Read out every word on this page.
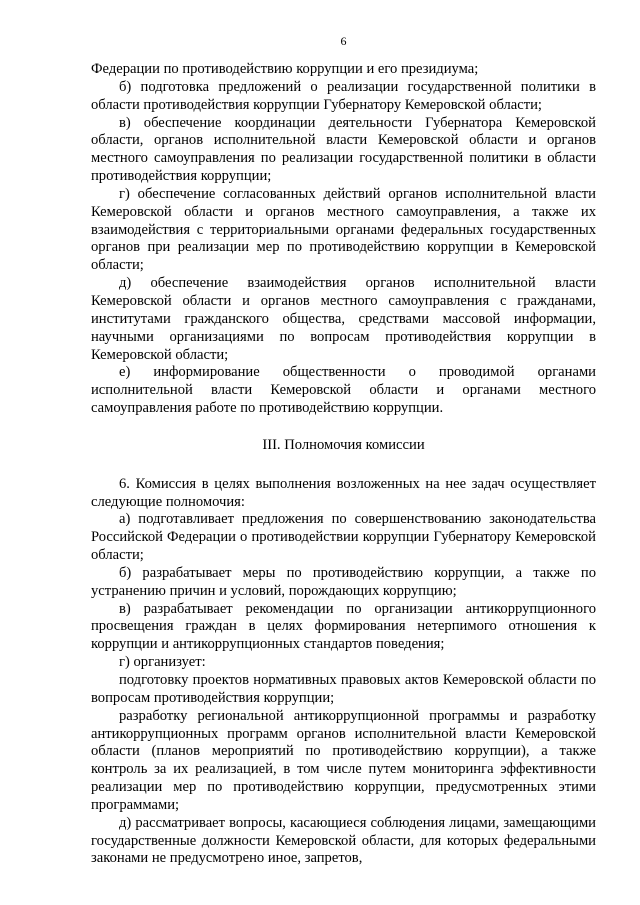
6

Федерации по противодействию коррупции и его президиума;

б) подготовка предложений о реализации государственной политики в области противодействия коррупции Губернатору Кемеровской области;

в) обеспечение координации деятельности Губернатора Кемеровской области, органов исполнительной власти Кемеровской области и органов местного самоуправления по реализации государственной политики в области противодействия коррупции;

г) обеспечение согласованных действий органов исполнительной власти Кемеровской области и органов местного самоуправления, а также их взаимодействия с территориальными органами федеральных государственных органов при реализации мер по противодействию коррупции в Кемеровской области;

д) обеспечение взаимодействия органов исполнительной власти Кемеровской области и органов местного самоуправления с гражданами, институтами гражданского общества, средствами массовой информации, научными организациями по вопросам противодействия коррупции в Кемеровской области;

е) информирование общественности о проводимой органами исполнительной власти Кемеровской области и органами местного самоуправления работе по противодействию коррупции.

III. Полномочия комиссии

6. Комиссия в целях выполнения возложенных на нее задач осуществляет следующие полномочия:

а) подготавливает предложения по совершенствованию законодательства Российской Федерации о противодействии коррупции Губернатору Кемеровской области;

б) разрабатывает меры по противодействию коррупции, а также по устранению причин и условий, порождающих коррупцию;

в) разрабатывает рекомендации по организации антикоррупционного просвещения граждан в целях формирования нетерпимого отношения к коррупции и антикоррупционных стандартов поведения;

г) организует:

подготовку проектов нормативных правовых актов Кемеровской области по вопросам противодействия коррупции;

разработку региональной антикоррупционной программы и разработку антикоррупционных программ органов исполнительной власти Кемеровской области (планов мероприятий по противодействию коррупции), а также контроль за их реализацией, в том числе путем мониторинга эффективности реализации мер по противодействию коррупции, предусмотренных этими программами;

д) рассматривает вопросы, касающиеся соблюдения лицами, замещающими государственные должности Кемеровской области, для которых федеральными законами не предусмотрено иное, запретов,
